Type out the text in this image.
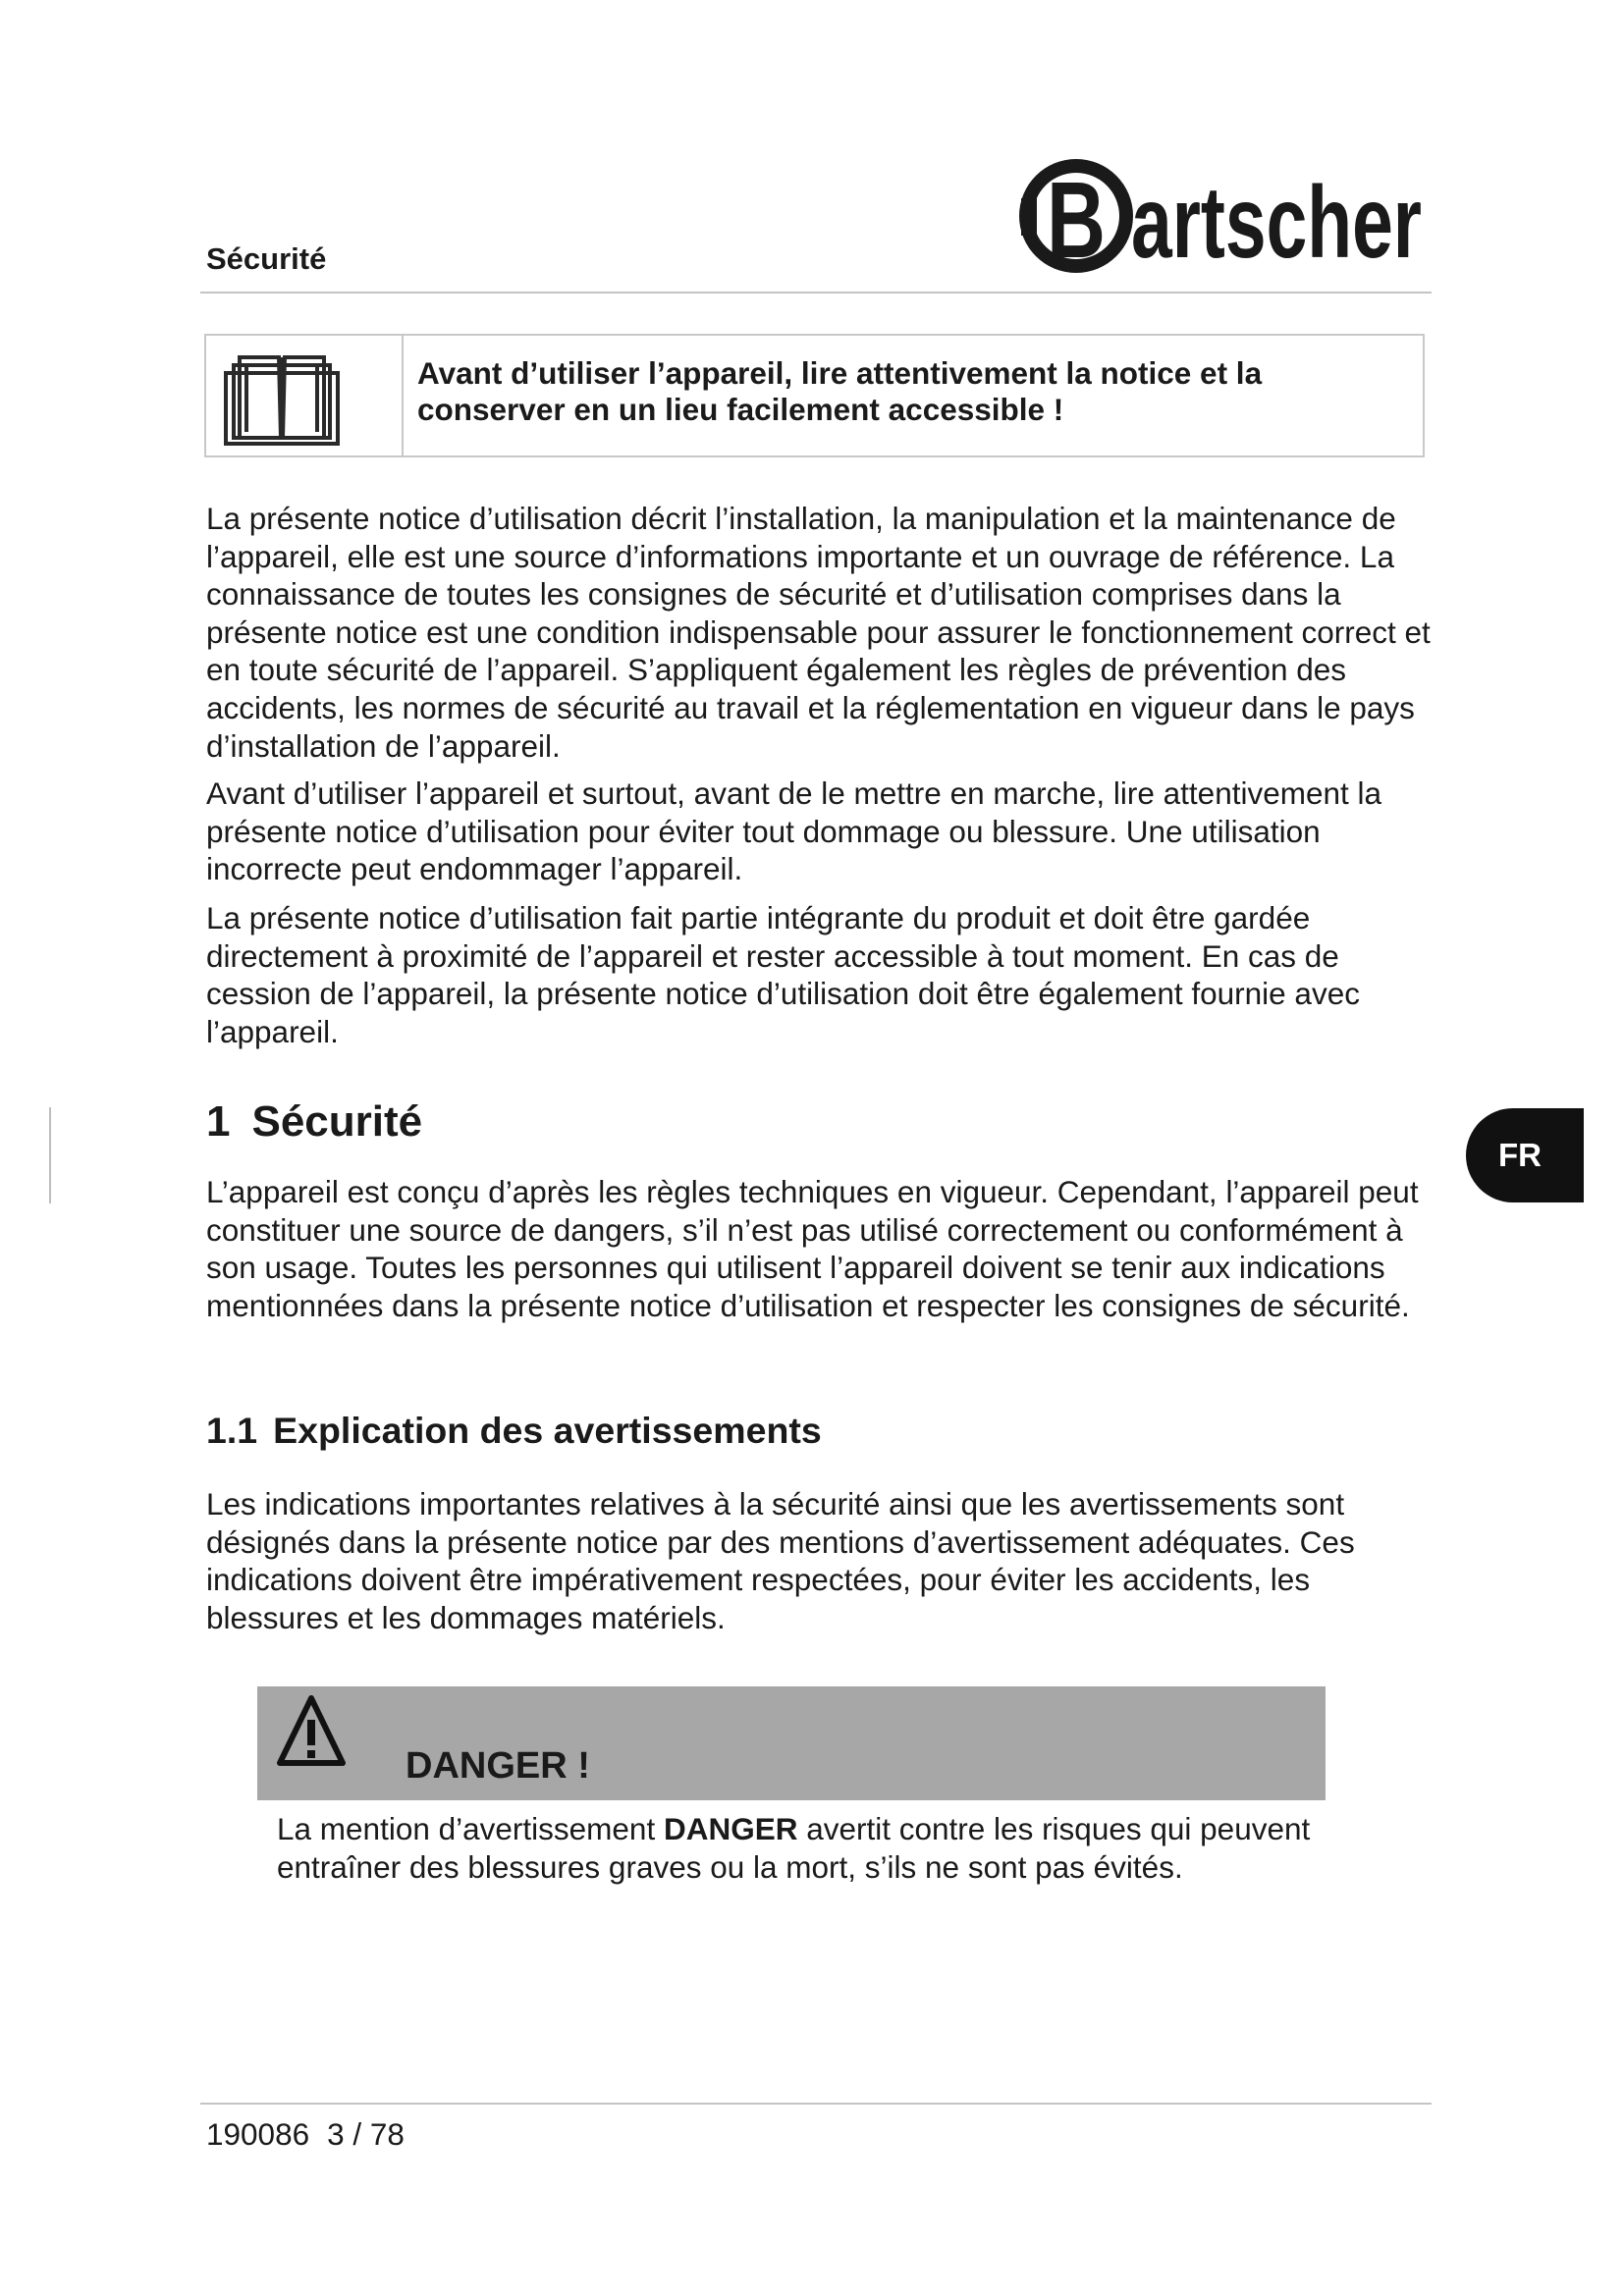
Sécurité	B artscher
Avant d’utiliser l’appareil, lire attentivement la notice et la conserver en un lieu facilement accessible !

La présente notice d’utilisation décrit l’installation, la manipulation et la maintenance de l’appareil, elle est une source d’informations importante et un ouvrage de référence. La connaissance de toutes les consignes de sécurité et d’utilisation comprises dans la présente notice est une condition indispensable pour assurer le fonctionnement correct et en toute sécurité de l’appareil. S’appliquent également les règles de prévention des accidents, les normes de sécurité au travail et la réglementation en vigueur dans le pays d’installation de l’appareil.

Avant d’utiliser l’appareil et surtout, avant de le mettre en marche, lire attentivement la présente notice d’utilisation pour éviter tout dommage ou blessure. Une utilisation incorrecte peut endommager l’appareil.

La présente notice d’utilisation fait partie intégrante du produit et doit être gardée directement à proximité de l’appareil et rester accessible à tout moment. En cas de cession de l’appareil, la présente notice d’utilisation doit être également fournie avec l’appareil.

1 Sécurité
FR

L’appareil est conçu d’après les règles techniques en vigueur. Cependant, l’appareil peut constituer une source de dangers, s’il n’est pas utilisé correctement ou conformément à son usage. Toutes les personnes qui utilisent l’appareil doivent se tenir aux indications mentionnées dans la présente notice d’utilisation et respecter les consignes de sécurité.

1.1 Explication des avertissements

Les indications importantes relatives à la sécurité ainsi que les avertissements sont désignés dans la présente notice par des mentions d’avertissement adéquates. Ces indications doivent être impérativement respectées, pour éviter les accidents, les blessures et les dommages matériels.

DANGER !

La mention d’avertissement DANGER avertit contre les risques qui peuvent entraîner des blessures graves ou la mort, s’ils ne sont pas évités.

190086 3 / 78
